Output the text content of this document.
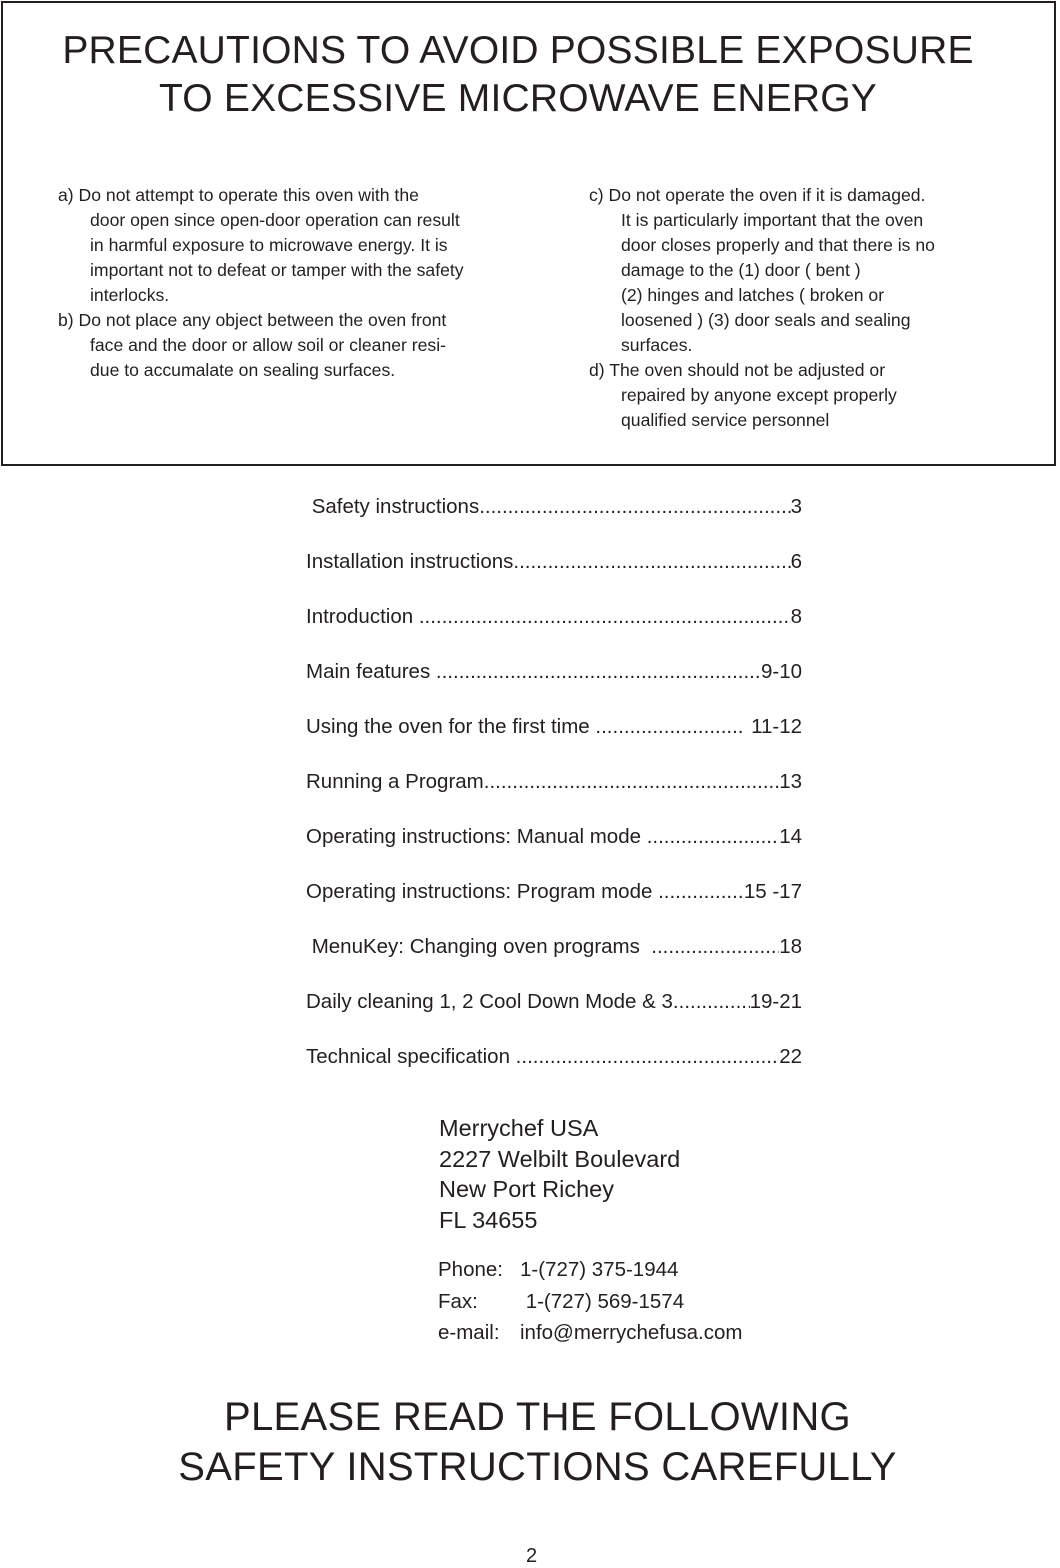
PRECAUTIONS TO AVOID POSSIBLE EXPOSURE
TO EXCESSIVE MICROWAVE ENERGY

a) Do not attempt to operate this oven with the
door open since open-door operation can result
in harmful exposure to microwave energy. It is
important not to defeat or tamper with the safety
interlocks.

b) Do not place any object between the oven front
face and the door or allow soil or cleaner resi-
due to accumalate on sealing surfaces.

c) Do not operate the oven if it is damaged.
It is particularly important that the oven
door closes properly and that there is no
damage to the (1) door ( bent )
(2) hinges and latches ( broken or
loosened ) (3) door seals and sealing
surfaces.

d) The oven should not be adjusted or
repaired by anyone except properly
qualified service personnel

Safety instructions .....	3
Installation instructions .....	6
Introduction .....	8
Main features .....	9-10
Using the oven for the first time .....	11-12
Running a Program .....	13
Operating instructions: Manual mode .....	14
Operating instructions: Program mode .....	15 -17
MenuKey: Changing oven programs .....	18
Daily cleaning 1, 2 Cool Down Mode & 3 .....	19-21
Technical specification .....	22
Merrychef USA
2227 Welbilt Boulevard
New Port Richey
FL 34655
Phone: 1-(727) 375-1944
Fax: 1-(727) 569-1574
e-mail: info@merrychefusa.com
PLEASE READ THE FOLLOWING
SAFETY INSTRUCTIONS CAREFULLY
2
